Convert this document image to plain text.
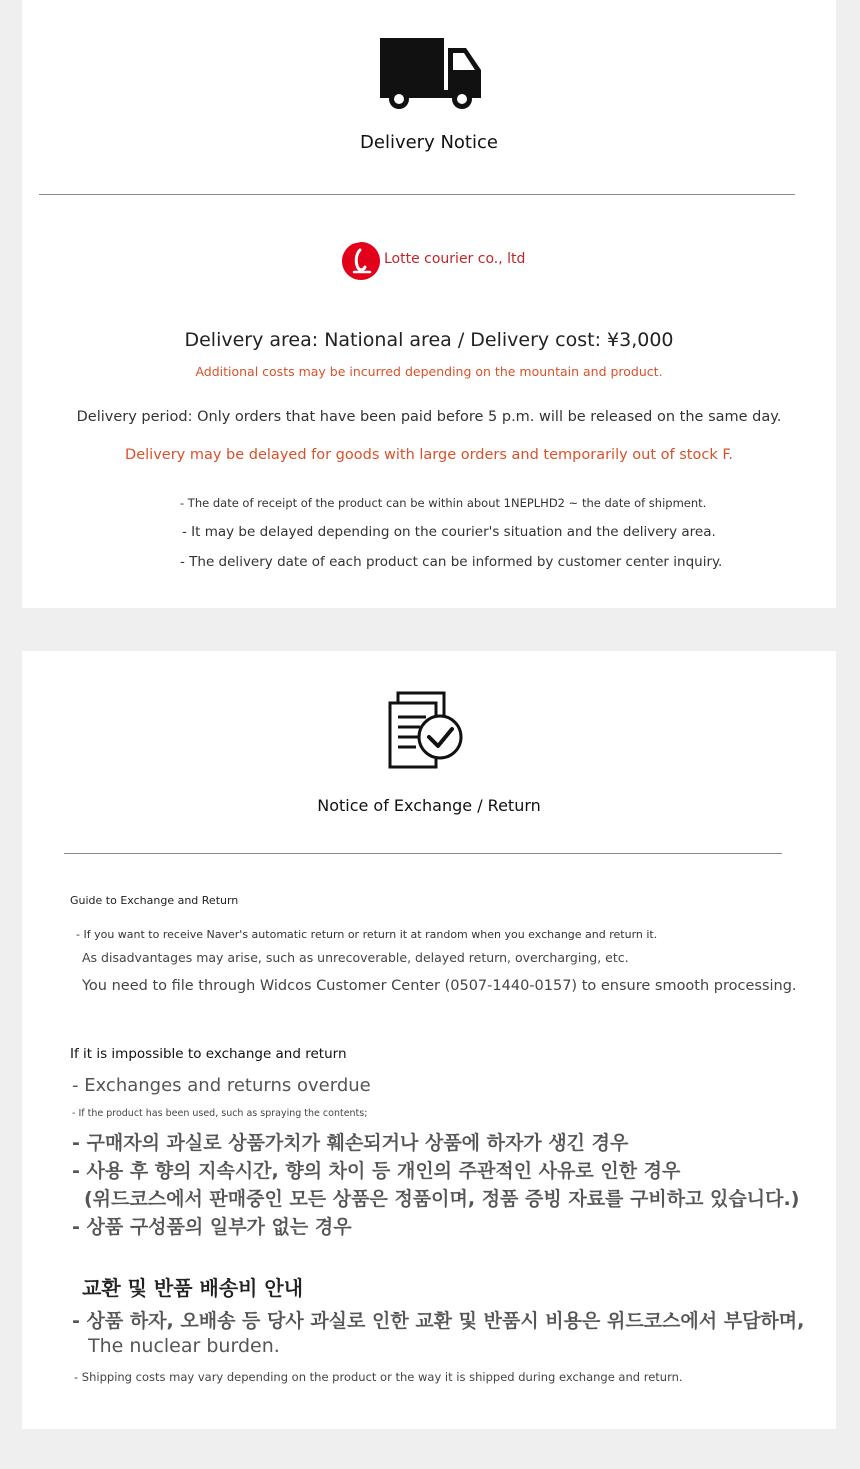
Delivery Notice
Lotte courier co., ltd
Delivery area: National area / Delivery cost: ¥3,000
Additional costs may be incurred depending on the mountain and product.
Delivery period: Only orders that have been paid before 5 p.m. will be released on the same day.
Delivery may be delayed for goods with large orders and temporarily out of stock F.
- The date of receipt of the product can be within about 1NEPLHD2 ~ the date of shipment.
- It may be delayed depending on the courier's situation and the delivery area.
- The delivery date of each product can be informed by customer center inquiry.
Notice of Exchange / Return
Guide to Exchange and Return
- If you want to receive Naver's automatic return or return it at random when you exchange and return it.
As disadvantages may arise, such as unrecoverable, delayed return, overcharging, etc.
You need to file through Widcos Customer Center (0507-1440-0157) to ensure smooth processing.
If it is impossible to exchange and return
- Exchanges and returns overdue
- If the product has been used, such as spraying the contents;
- 구매자의 과실로 상품가치가 훼손되거나 상품에 하자가 생긴 경우
- 사용 후 향의 지속시간, 향의 차이 등 개인의 주관적인 사유로 인한 경우
(위드코스에서 판매중인 모든 상품은 정품이며, 정품 증빙 자료를 구비하고 있습니다.)
- 상품 구성품의 일부가 없는 경우
교환 및 반품 배송비 안내
- 상품 하자, 오배송 등 당사 과실로 인한 교환 및 반품시 비용은 위드코스에서 부담하며,
The nuclear burden.
- Shipping costs may vary depending on the product or the way it is shipped during exchange and return.
